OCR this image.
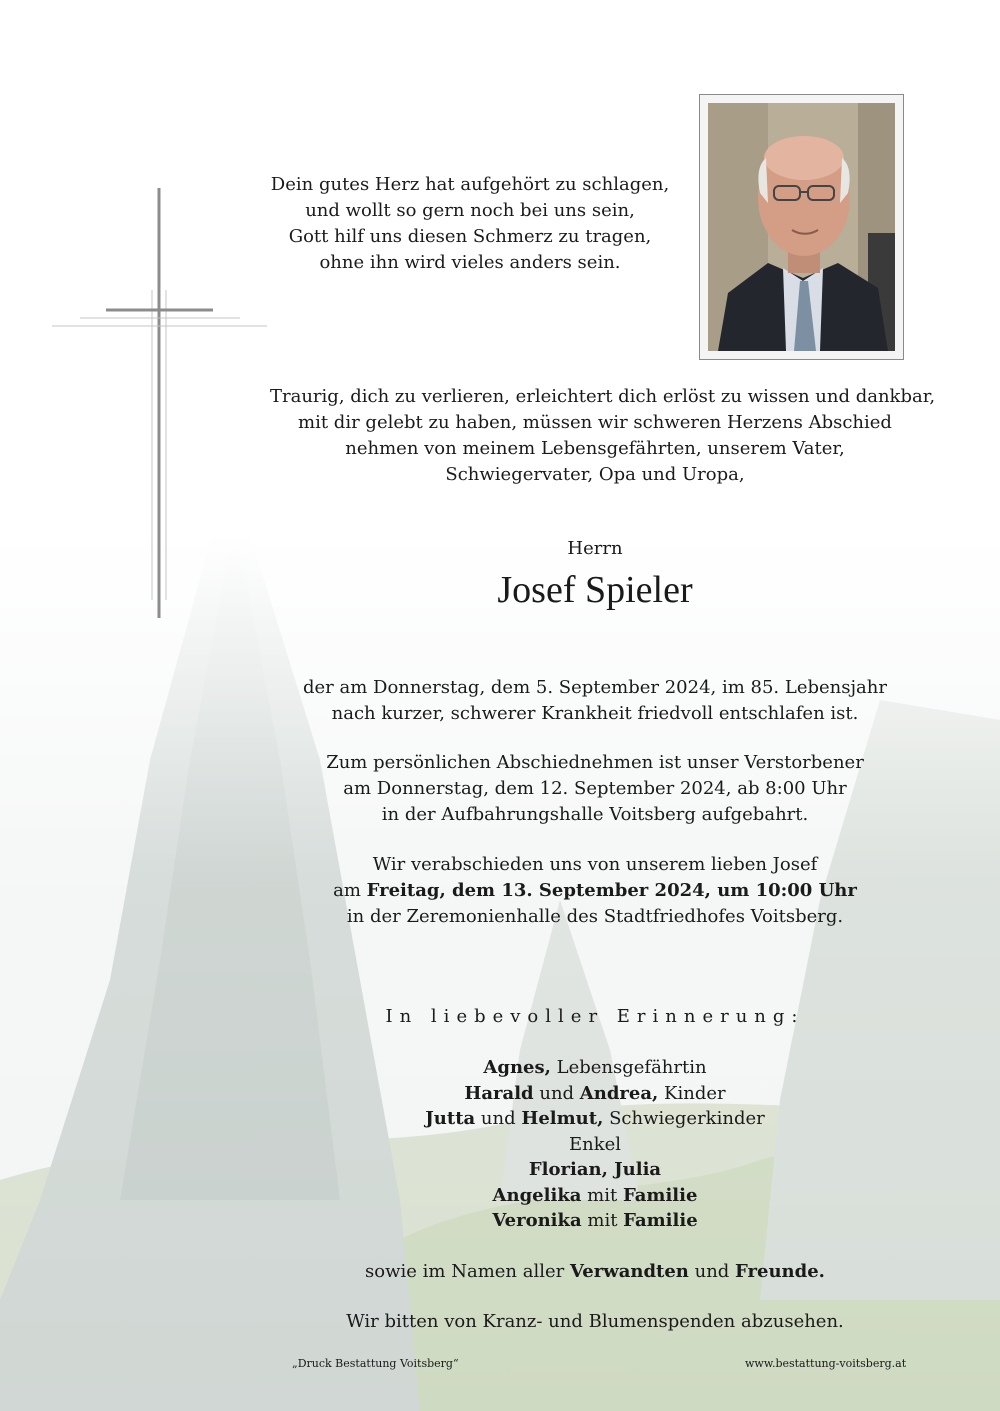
Dein gutes Herz hat aufgehört zu schlagen,
und wollt so gern noch bei uns sein,
Gott hilf uns diesen Schmerz zu tragen,
ohne ihn wird vieles anders sein.
Traurig, dich zu verlieren, erleichtert dich erlöst zu wissen und dankbar,
mit dir gelebt zu haben, müssen wir schweren Herzens Abschied
nehmen von meinem Lebensgefährten, unserem Vater,
Schwiegervater, Opa und Uropa,
Herrn
Josef Spieler
der am Donnerstag, dem 5. September 2024, im 85. Lebensjahr
nach kurzer, schwerer Krankheit friedvoll entschlafen ist.
Zum persönlichen Abschiednehmen ist unser Verstorbener
am Donnerstag, dem 12. September 2024, ab 8:00 Uhr
in der Aufbahrungshalle Voitsberg aufgebahrt.
Wir verabschieden uns von unserem lieben Josef
am Freitag, dem 13. September 2024, um 10:00 Uhr
in der Zeremonienhalle des Stadtfriedhofes Voitsberg.
In liebevoller Erinnerung:
Agnes, Lebensgefährtin
Harald und Andrea, Kinder
Jutta und Helmut, Schwiegerkinder
Enkel
Florian, Julia
Angelika mit Familie
Veronika mit Familie
sowie im Namen aller Verwandten und Freunde.
Wir bitten von Kranz- und Blumenspenden abzusehen.
„Druck Bestattung Voitsberg“	www.bestattung-voitsberg.at
